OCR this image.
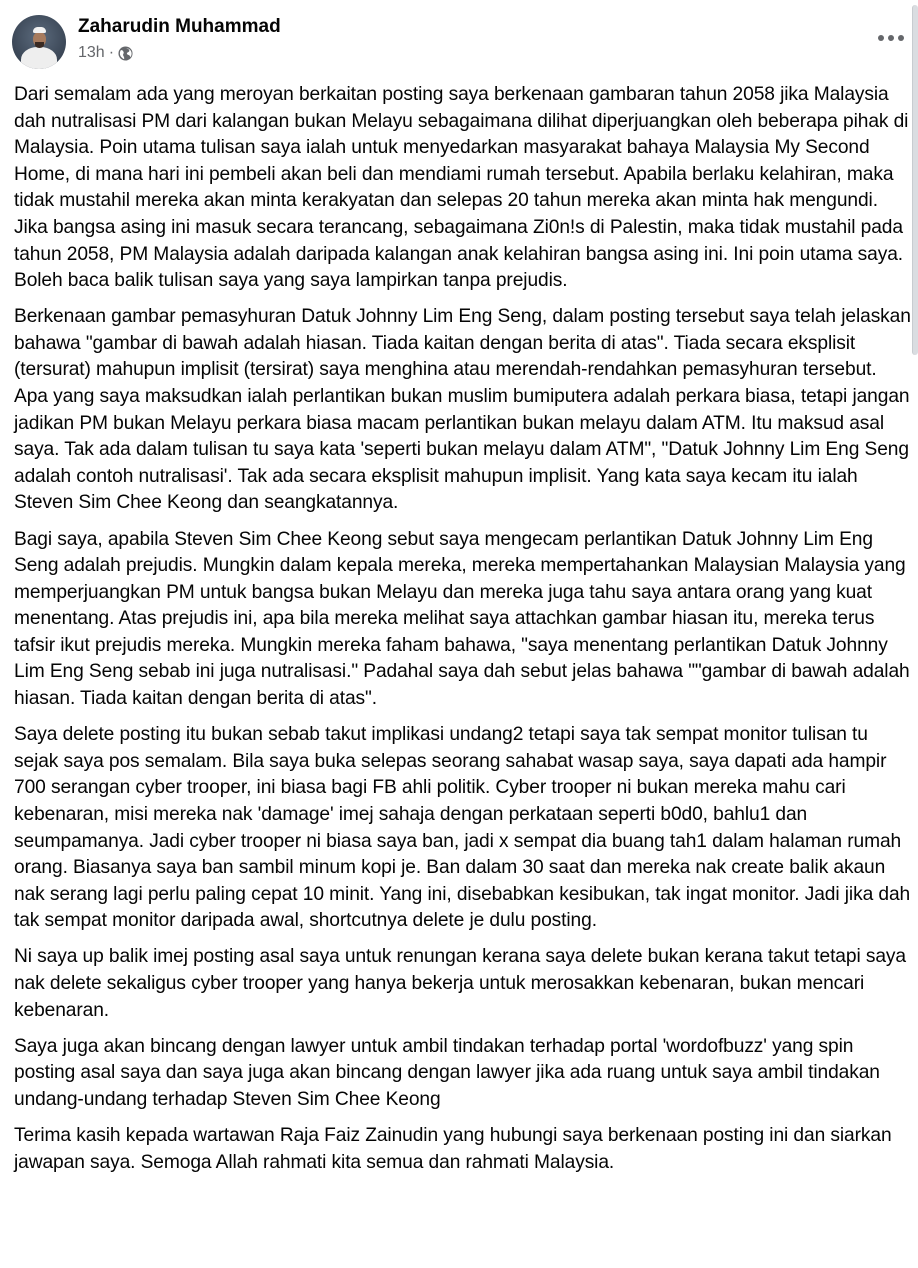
Zaharudin Muhammad
13h ·

Dari semalam ada yang meroyan berkaitan posting saya berkenaan gambaran tahun 2058 jika Malaysia dah nutralisasi PM dari kalangan bukan Melayu sebagaimana dilihat diperjuangkan oleh beberapa pihak di Malaysia. Poin utama tulisan saya ialah untuk menyedarkan masyarakat bahaya Malaysia My Second Home, di mana hari ini pembeli akan beli dan mendiami rumah tersebut. Apabila berlaku kelahiran, maka tidak mustahil mereka akan minta kerakyatan dan selepas 20 tahun mereka akan minta hak mengundi. Jika bangsa asing ini masuk secara terancang, sebagaimana Zi0n!s di Palestin, maka tidak mustahil pada tahun 2058, PM Malaysia adalah daripada kalangan anak kelahiran bangsa asing ini. Ini poin utama saya. Boleh baca balik tulisan saya yang saya lampirkan tanpa prejudis.

Berkenaan gambar pemasyhuran Datuk Johnny Lim Eng Seng, dalam posting tersebut saya telah jelaskan bahawa "gambar di bawah adalah hiasan. Tiada kaitan dengan berita di atas". Tiada secara eksplisit (tersurat) mahupun implisit (tersirat) saya menghina atau merendah-rendahkan pemasyhuran tersebut. Apa yang saya maksudkan ialah perlantikan bukan muslim bumiputera adalah perkara biasa, tetapi jangan jadikan PM bukan Melayu perkara biasa macam perlantikan bukan melayu dalam ATM. Itu maksud asal saya. Tak ada dalam tulisan tu saya kata 'seperti bukan melayu dalam ATM", "Datuk Johnny Lim Eng Seng adalah contoh nutralisasi'. Tak ada secara eksplisit mahupun implisit. Yang kata saya kecam itu ialah Steven Sim Chee Keong dan seangkatannya.

Bagi saya, apabila Steven Sim Chee Keong sebut saya mengecam perlantikan Datuk Johnny Lim Eng Seng adalah prejudis. Mungkin dalam kepala mereka, mereka mempertahankan Malaysian Malaysia yang memperjuangkan PM untuk bangsa bukan Melayu dan mereka juga tahu saya antara orang yang kuat menentang. Atas prejudis ini, apa bila mereka melihat saya attachkan gambar hiasan itu, mereka terus tafsir ikut prejudis mereka. Mungkin mereka faham bahawa, "saya menentang perlantikan Datuk Johnny Lim Eng Seng sebab ini juga nutralisasi." Padahal saya dah sebut jelas bahawa ""gambar di bawah adalah hiasan. Tiada kaitan dengan berita di atas".

Saya delete posting itu bukan sebab takut implikasi undang2 tetapi saya tak sempat monitor tulisan tu sejak saya pos semalam. Bila saya buka selepas seorang sahabat wasap saya, saya dapati ada hampir 700 serangan cyber trooper, ini biasa bagi FB ahli politik. Cyber trooper ni bukan mereka mahu cari kebenaran, misi mereka nak 'damage' imej sahaja dengan perkataan seperti b0d0, bahlu1 dan seumpamanya. Jadi cyber trooper ni biasa saya ban, jadi x sempat dia buang tah1 dalam halaman rumah orang. Biasanya saya ban sambil minum kopi je. Ban dalam 30 saat dan mereka nak create balik akaun nak serang lagi perlu paling cepat 10 minit. Yang ini, disebabkan kesibukan, tak ingat monitor. Jadi jika dah tak sempat monitor daripada awal, shortcutnya delete je dulu posting.

Ni saya up balik imej posting asal saya untuk renungan kerana saya delete bukan kerana takut tetapi saya nak delete sekaligus cyber trooper yang hanya bekerja untuk merosakkan kebenaran, bukan mencari kebenaran.

Saya juga akan bincang dengan lawyer untuk ambil tindakan terhadap portal 'wordofbuzz' yang spin posting asal saya dan saya juga akan bincang dengan lawyer jika ada ruang untuk saya ambil tindakan undang-undang terhadap Steven Sim Chee Keong

Terima kasih kepada wartawan Raja Faiz Zainudin yang hubungi saya berkenaan posting ini dan siarkan jawapan saya. Semoga Allah rahmati kita semua dan rahmati Malaysia.
